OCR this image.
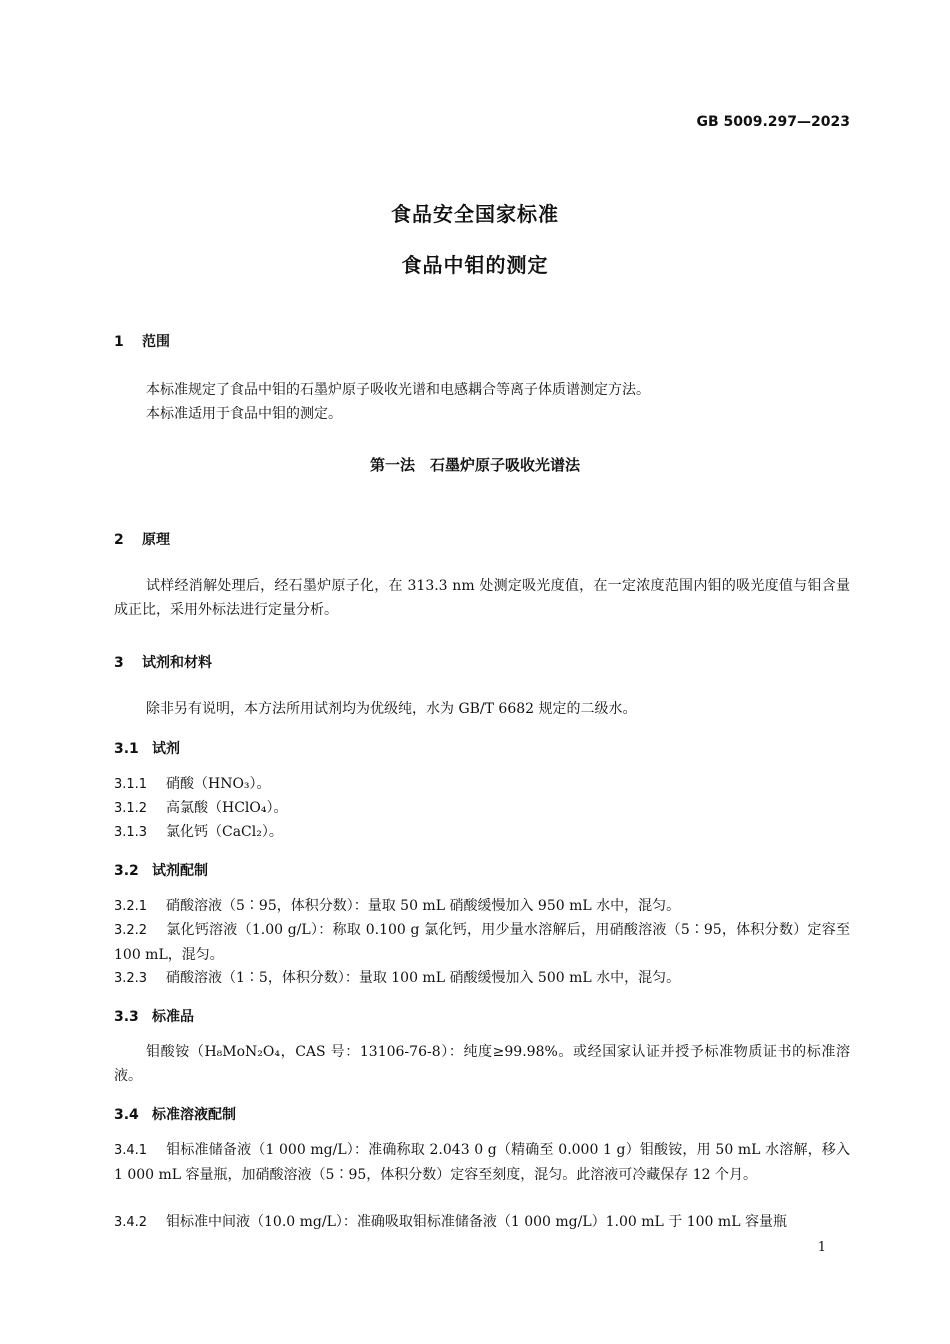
GB 5009.297—2023
食品安全国家标准
食品中钼的测定
1 范围
本标准规定了食品中钼的石墨炉原子吸收光谱和电感耦合等离子体质谱测定方法。
本标准适用于食品中钼的测定。
第一法　石墨炉原子吸收光谱法
2 原理
试样经消解处理后，经石墨炉原子化，在 313.3 nm 处测定吸光度值，在一定浓度范围内钼的吸光度值与钼含量成正比，采用外标法进行定量分析。
3 试剂和材料
除非另有说明，本方法所用试剂均为优级纯，水为 GB/T 6682 规定的二级水。
3.1 试剂
3.1.1 硝酸（HNO₃）。
3.1.2 高氯酸（HClO₄）。
3.1.3 氯化钙（CaCl₂）。
3.2 试剂配制
3.2.1 硝酸溶液（5∶95，体积分数）：量取 50 mL 硝酸缓慢加入 950 mL 水中，混匀。
3.2.2 氯化钙溶液（1.00 g/L）：称取 0.100 g 氯化钙，用少量水溶解后，用硝酸溶液（5∶95，体积分数）定容至 100 mL，混匀。
3.2.3 硝酸溶液（1∶5，体积分数）：量取 100 mL 硝酸缓慢加入 500 mL 水中，混匀。
3.3 标准品
钼酸铵（H₈MoN₂O₄，CAS 号：13106-76-8）：纯度≥99.98%。或经国家认证并授予标准物质证书的标准溶液。
3.4 标准溶液配制
3.4.1 钼标准储备液（1 000 mg/L）：准确称取 2.043 0 g（精确至 0.000 1 g）钼酸铵，用 50 mL 水溶解，移入 1 000 mL 容量瓶，加硝酸溶液（5∶95，体积分数）定容至刻度，混匀。此溶液可冷藏保存 12 个月。
3.4.2 钼标准中间液（10.0 mg/L）：准确吸取钼标准储备液（1 000 mg/L）1.00 mL 于 100 mL 容量瓶
1
